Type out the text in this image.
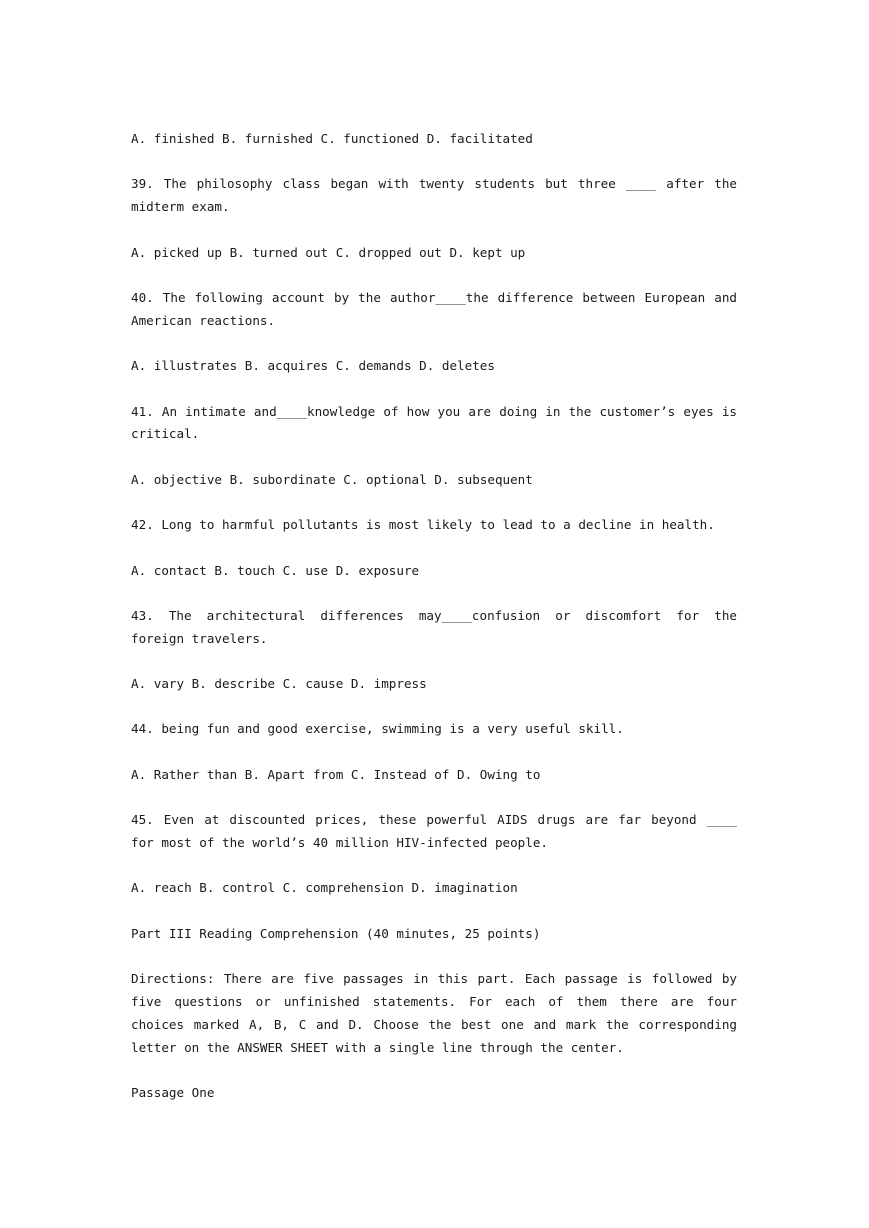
A. finished B. furnished C. functioned D. facilitated

39. The philosophy class began with twenty students but three ____ after the midterm exam.

A. picked up B. turned out C. dropped out D. kept up

40. The following account by the author____the difference between European and American reactions.

A. illustrates B. acquires C. demands D. deletes

41. An intimate and____knowledge of how you are doing in the customer’s eyes is critical.

A. objective B. subordinate C. optional D. subsequent

42. Long to harmful pollutants is most likely to lead to a decline in health.

A. contact B. touch C. use D. exposure

43. The architectural differences may____confusion or discomfort for the foreign travelers.

A. vary B. describe C. cause D. impress

44. being fun and good exercise, swimming is a very useful skill.

A. Rather than B. Apart from C. Instead of D. Owing to

45. Even at discounted prices, these powerful AIDS drugs are far beyond ____ for most of the world’s 40 million HIV-infected people.

A. reach B. control C. comprehension D. imagination

Part III Reading Comprehension (40 minutes, 25 points)

Directions: There are five passages in this part. Each passage is followed by five questions or unfinished statements. For each of them there are four choices marked A, B, C and D. Choose the best one and mark the corresponding letter on the ANSWER SHEET with a single line through the center.

Passage One
